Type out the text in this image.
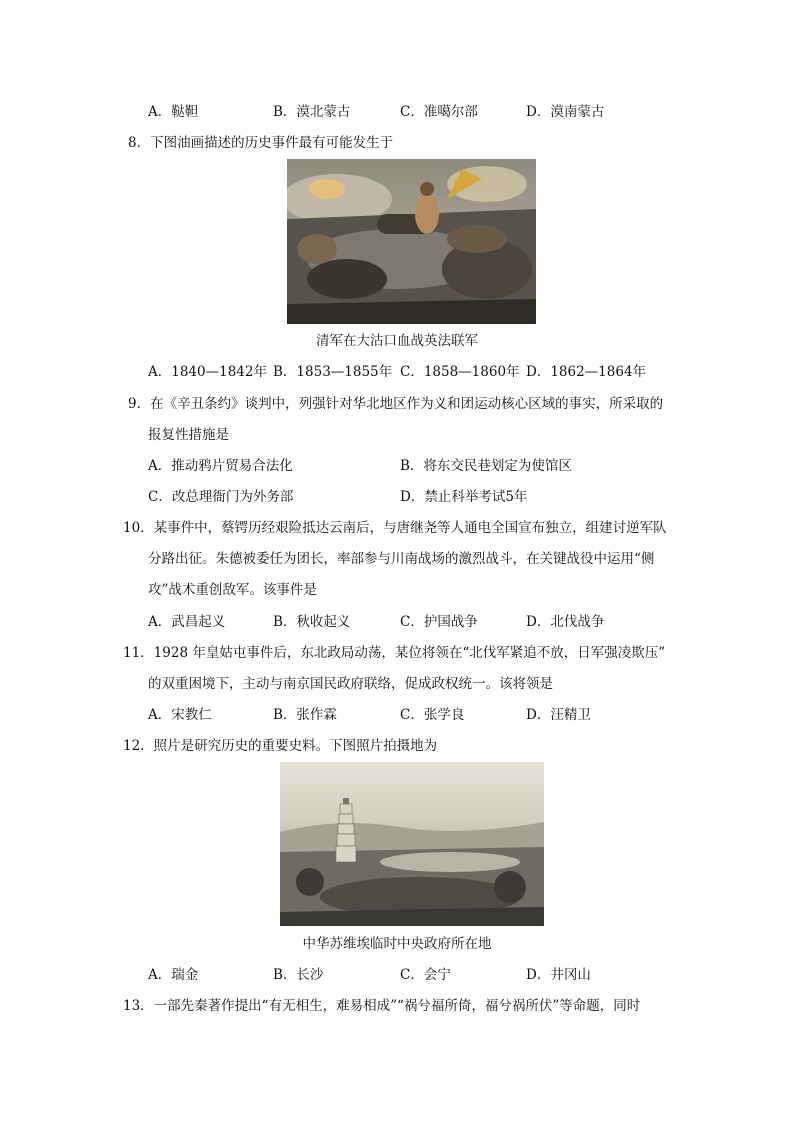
A．鞑靼	B．漠北蒙古	C．准噶尔部	D．漠南蒙古
8．下图油画描述的历史事件最有可能发生于
清军在大沽口血战英法联军
A．1840—1842年 B．1853—1855年 C．1858—1860年 D．1862—1864年
9．在《辛丑条约》谈判中，列强针对华北地区作为义和团运动核心区域的事实，所采取的
报复性措施是
A．推动鸦片贸易合法化	B．将东交民巷划定为使馆区
C．改总理衙门为外务部	D．禁止科举考试5年
10．某事件中，蔡锷历经艰险抵达云南后，与唐继尧等人通电全国宣布独立，组建讨逆军队
分路出征。朱德被委任为团长，率部参与川南战场的激烈战斗，在关键战役中运用“侧
攻”战术重创敌军。该事件是
A．武昌起义	B．秋收起义	C．护国战争	D．北伐战争
11．1928 年皇姑屯事件后，东北政局动荡，某位将领在“北伐军紧追不放，日军强凌欺压”
的双重困境下，主动与南京国民政府联络，促成政权统一。该将领是
A．宋教仁	B．张作霖	C．张学良	D．汪精卫
12．照片是研究历史的重要史料。下图照片拍摄地为
中华苏维埃临时中央政府所在地
A．瑞金	B．长沙	C．会宁	D．井冈山
13．一部先秦著作提出“有无相生，难易相成”“祸兮福所倚，福兮祸所伏”等命题，同时
